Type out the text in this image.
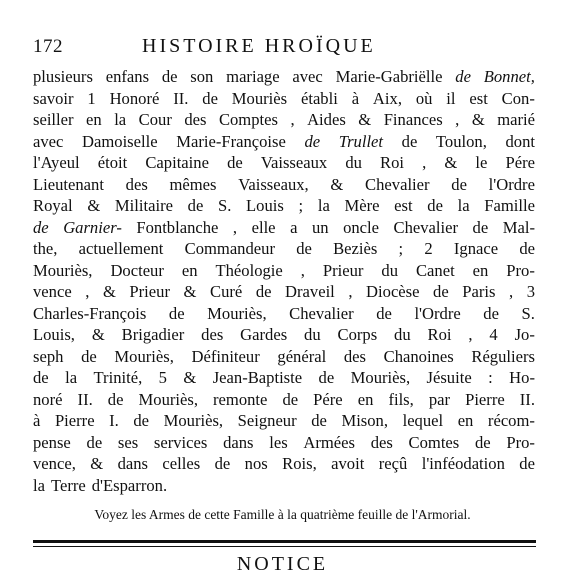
172	HISTOIRE HROÏQUE
plusieurs enfans de son mariage avec Marie-Gabriëlle de Bonnet,
savoir 1 Honoré II. de Mouriès établi à Aix, où il est Con-
seiller en la Cour des Comptes , Aides & Finances , & marié
avec Damoiselle Marie-Françoise de Trullet de Toulon, dont
l'Ayeul étoit Capitaine de Vaisseaux du Roi , & le Pére
Lieutenant des mêmes Vaisseaux, & Chevalier de l'Ordre
Royal & Militaire de S. Louis ; la Mère est de la Famille
de Garnier- Fontblanche , elle a un oncle Chevalier de Mal-
the, actuellement Commandeur de Beziès ; 2 Ignace de
Mouriès, Docteur en Théologie , Prieur du Canet en Pro-
vence , & Prieur & Curé de Draveil , Diocèse de Paris , 3
Charles-François de Mouriès, Chevalier de l'Ordre de S.
Louis, & Brigadier des Gardes du Corps du Roi , 4 Jo-
seph de Mouriès, Définiteur général des Chanoines Réguliers
de la Trinité, 5 & Jean-Baptiste de Mouriès, Jésuite : Ho-
noré II. de Mouriès, remonte de Pére en fils, par Pierre II.
à Pierre I. de Mouriès, Seigneur de Mison, lequel en récom-
pense de ses services dans les Armées des Comtes de Pro-
vence, & dans celles de nos Rois, avoit reçû l'inféodation de
la Terre d'Esparron.
Voyez les Armes de cette Famille à la quatrième feuille de l'Armorial.
NOTICE
